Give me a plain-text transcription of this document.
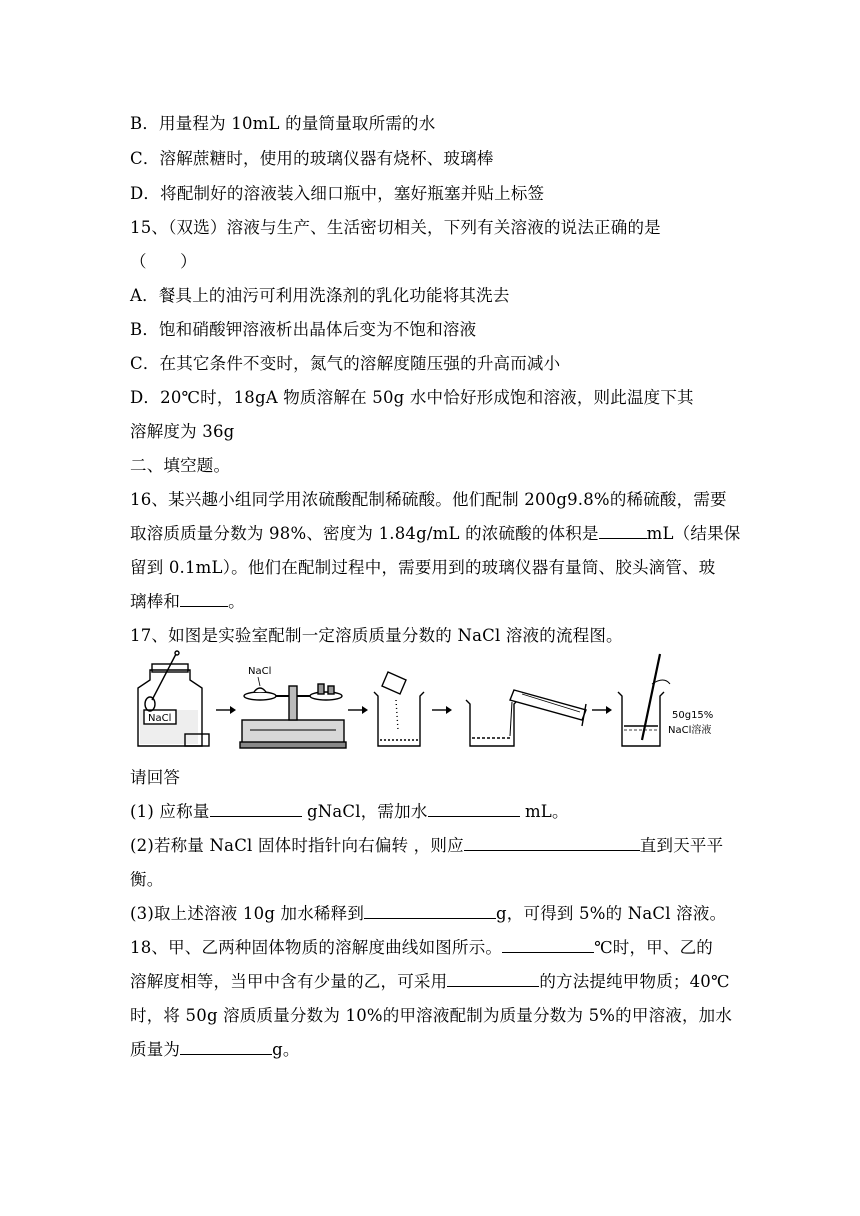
B．用量程为 10mL 的量筒量取所需的水
C．溶解蔗糖时，使用的玻璃仪器有烧杯、玻璃棒
D．将配制好的溶液装入细口瓶中，塞好瓶塞并贴上标签
15、（双选）溶液与生产、生活密切相关，下列有关溶液的说法正确的是
（　　）
A．餐具上的油污可利用洗涤剂的乳化功能将其洗去
B．饱和硝酸钾溶液析出晶体后变为不饱和溶液
C．在其它条件不变时，氮气的溶解度随压强的升高而减小
D．20℃时，18gA 物质溶解在 50g 水中恰好形成饱和溶液，则此温度下其
溶解度为 36g
二、填空题。
16、某兴趣小组同学用浓硫酸配制稀硫酸。他们配制 200g9.8%的稀硫酸，需要
取溶质质量分数为 98%、密度为 1.84g/mL 的浓硫酸的体积是	mL（结果保
留到 0.1mL）。他们在配制过程中，需要用到的玻璃仪器有量筒、胶头滴管、玻
璃棒和	。
17、如图是实验室配制一定溶质质量分数的 NaCl 溶液的流程图。
NaCl
NaCl
50g15%
NaCl溶液
请回答
(1) 应称量	gNaCl，需加水	mL。
(2)若称量 NaCl 固体时指针向右偏转 ，则应	直到天平平
衡。
(3)取上述溶液 10g 加水稀释到	g，可得到 5%的 NaCl 溶液。
18、甲、乙两种固体物质的溶解度曲线如图所示。	℃时，甲、乙的
溶解度相等，当甲中含有少量的乙，可采用	的方法提纯甲物质；40℃
时，将 50g 溶质质量分数为 10%的甲溶液配制为质量分数为 5%的甲溶液，加水
质量为	g。
